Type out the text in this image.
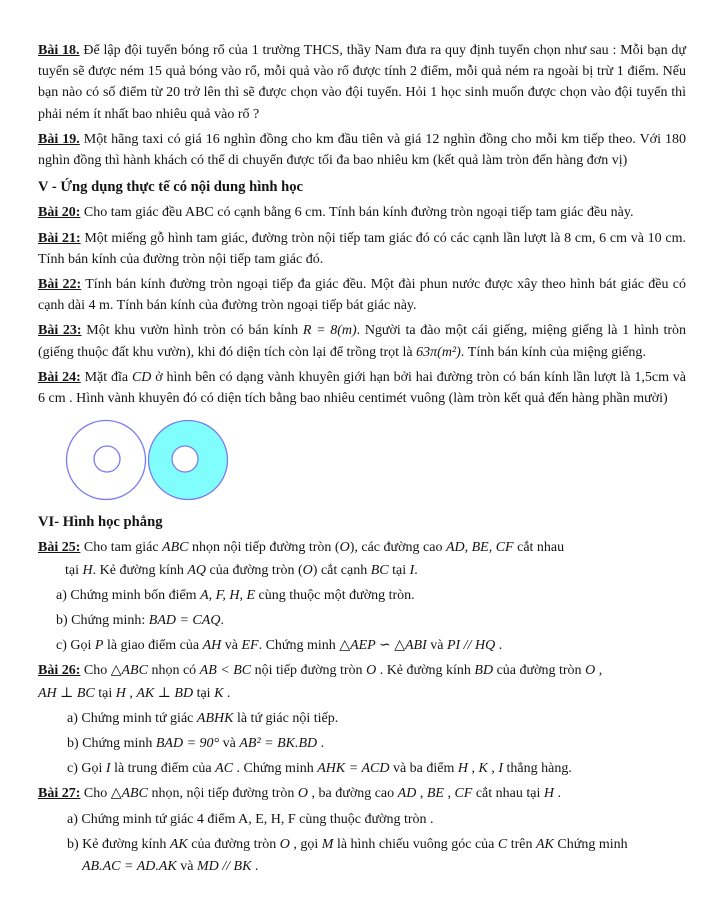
Bài 18. Để lập đội tuyển bóng rổ của 1 trường THCS, thầy Nam đưa ra quy định tuyển chọn như sau : Mỗi bạn dự tuyển sẽ được ném 15 quả bóng vào rổ, mỗi quả vào rổ được tính 2 điểm, mỗi quả ném ra ngoài bị trừ 1 điểm. Nếu bạn nào có số điểm từ 20 trở lên thì sẽ được chọn vào đội tuyển. Hỏi 1 học sinh muốn được chọn vào đội tuyển thì phải ném ít nhất bao nhiêu quả vào rổ ?

Bài 19. Một hãng taxi có giá 16 nghìn đồng cho km đầu tiên và giá 12 nghìn đồng cho mỗi km tiếp theo. Với 180 nghìn đồng thì hành khách có thể di chuyển được tối đa bao nhiêu km (kết quả làm tròn đến hàng đơn vị)

V - Ứng dụng thực tế có nội dung hình học

Bài 20: Cho tam giác đều ABC có cạnh bằng 6 cm. Tính bán kính đường tròn ngoại tiếp tam giác đều này.

Bài 21: Một miếng gỗ hình tam giác, đường tròn nội tiếp tam giác đó có các cạnh lần lượt là 8 cm, 6 cm và 10 cm. Tính bán kính của đường tròn nội tiếp tam giác đó.

Bài 22: Tính bán kính đường tròn ngoại tiếp đa giác đều. Một đài phun nước được xây theo hình bát giác đều có cạnh dài 4 m. Tính bán kính của đường tròn ngoại tiếp bát giác này.

Bài 23: Một khu vườn hình tròn có bán kính R = 8(m). Người ta đào một cái giếng, miệng giếng là 1 hình tròn (giếng thuộc đất khu vườn), khi đó diện tích còn lại để trồng trọt là 63π(m²). Tính bán kính của miệng giếng.

Bài 24: Mặt đĩa CD ở hình bên có dạng vành khuyên giới hạn bởi hai đường tròn có bán kính lần lượt là 1,5cm và 6 cm . Hình vành khuyên đó có diện tích bằng bao nhiêu centimét vuông (làm tròn kết quả đến hàng phần mười)

VI- Hình học phẳng

Bài 25: Cho tam giác ABC nhọn nội tiếp đường tròn (O), các đường cao AD, BE, CF cắt nhau

tại H. Kẻ đường kính AQ của đường tròn (O) cắt cạnh BC tại I.

a) Chứng minh bốn điểm A, F, H, E cùng thuộc một đường tròn.

b) Chứng minh: BAD = CAQ.

c) Gọi P là giao điểm của AH và EF. Chứng minh △AEP ∽ △ABI và PI // HQ .

Bài 26: Cho △ABC nhọn có AB < BC nội tiếp đường tròn O . Kẻ đường kính BD của đường tròn O ,

AH ⊥ BC tại H , AK ⊥ BD tại K .

a) Chứng minh tứ giác ABHK là tứ giác nội tiếp.

b) Chứng minh BAD = 90° và AB² = BK.BD .

c) Gọi I là trung điểm của AC . Chứng minh AHK = ACD và ba điểm H , K , I thẳng hàng.

Bài 27: Cho △ABC nhọn, nội tiếp đường tròn O , ba đường cao AD , BE , CF cắt nhau tại H .

a) Chứng minh tứ giác 4 điểm A, E, H, F cùng thuộc đường tròn .

b) Kẻ đường kính AK của đường tròn O , gọi M là hình chiếu vuông góc của C trên AK Chứng minh

AB.AC = AD.AK và MD // BK .
